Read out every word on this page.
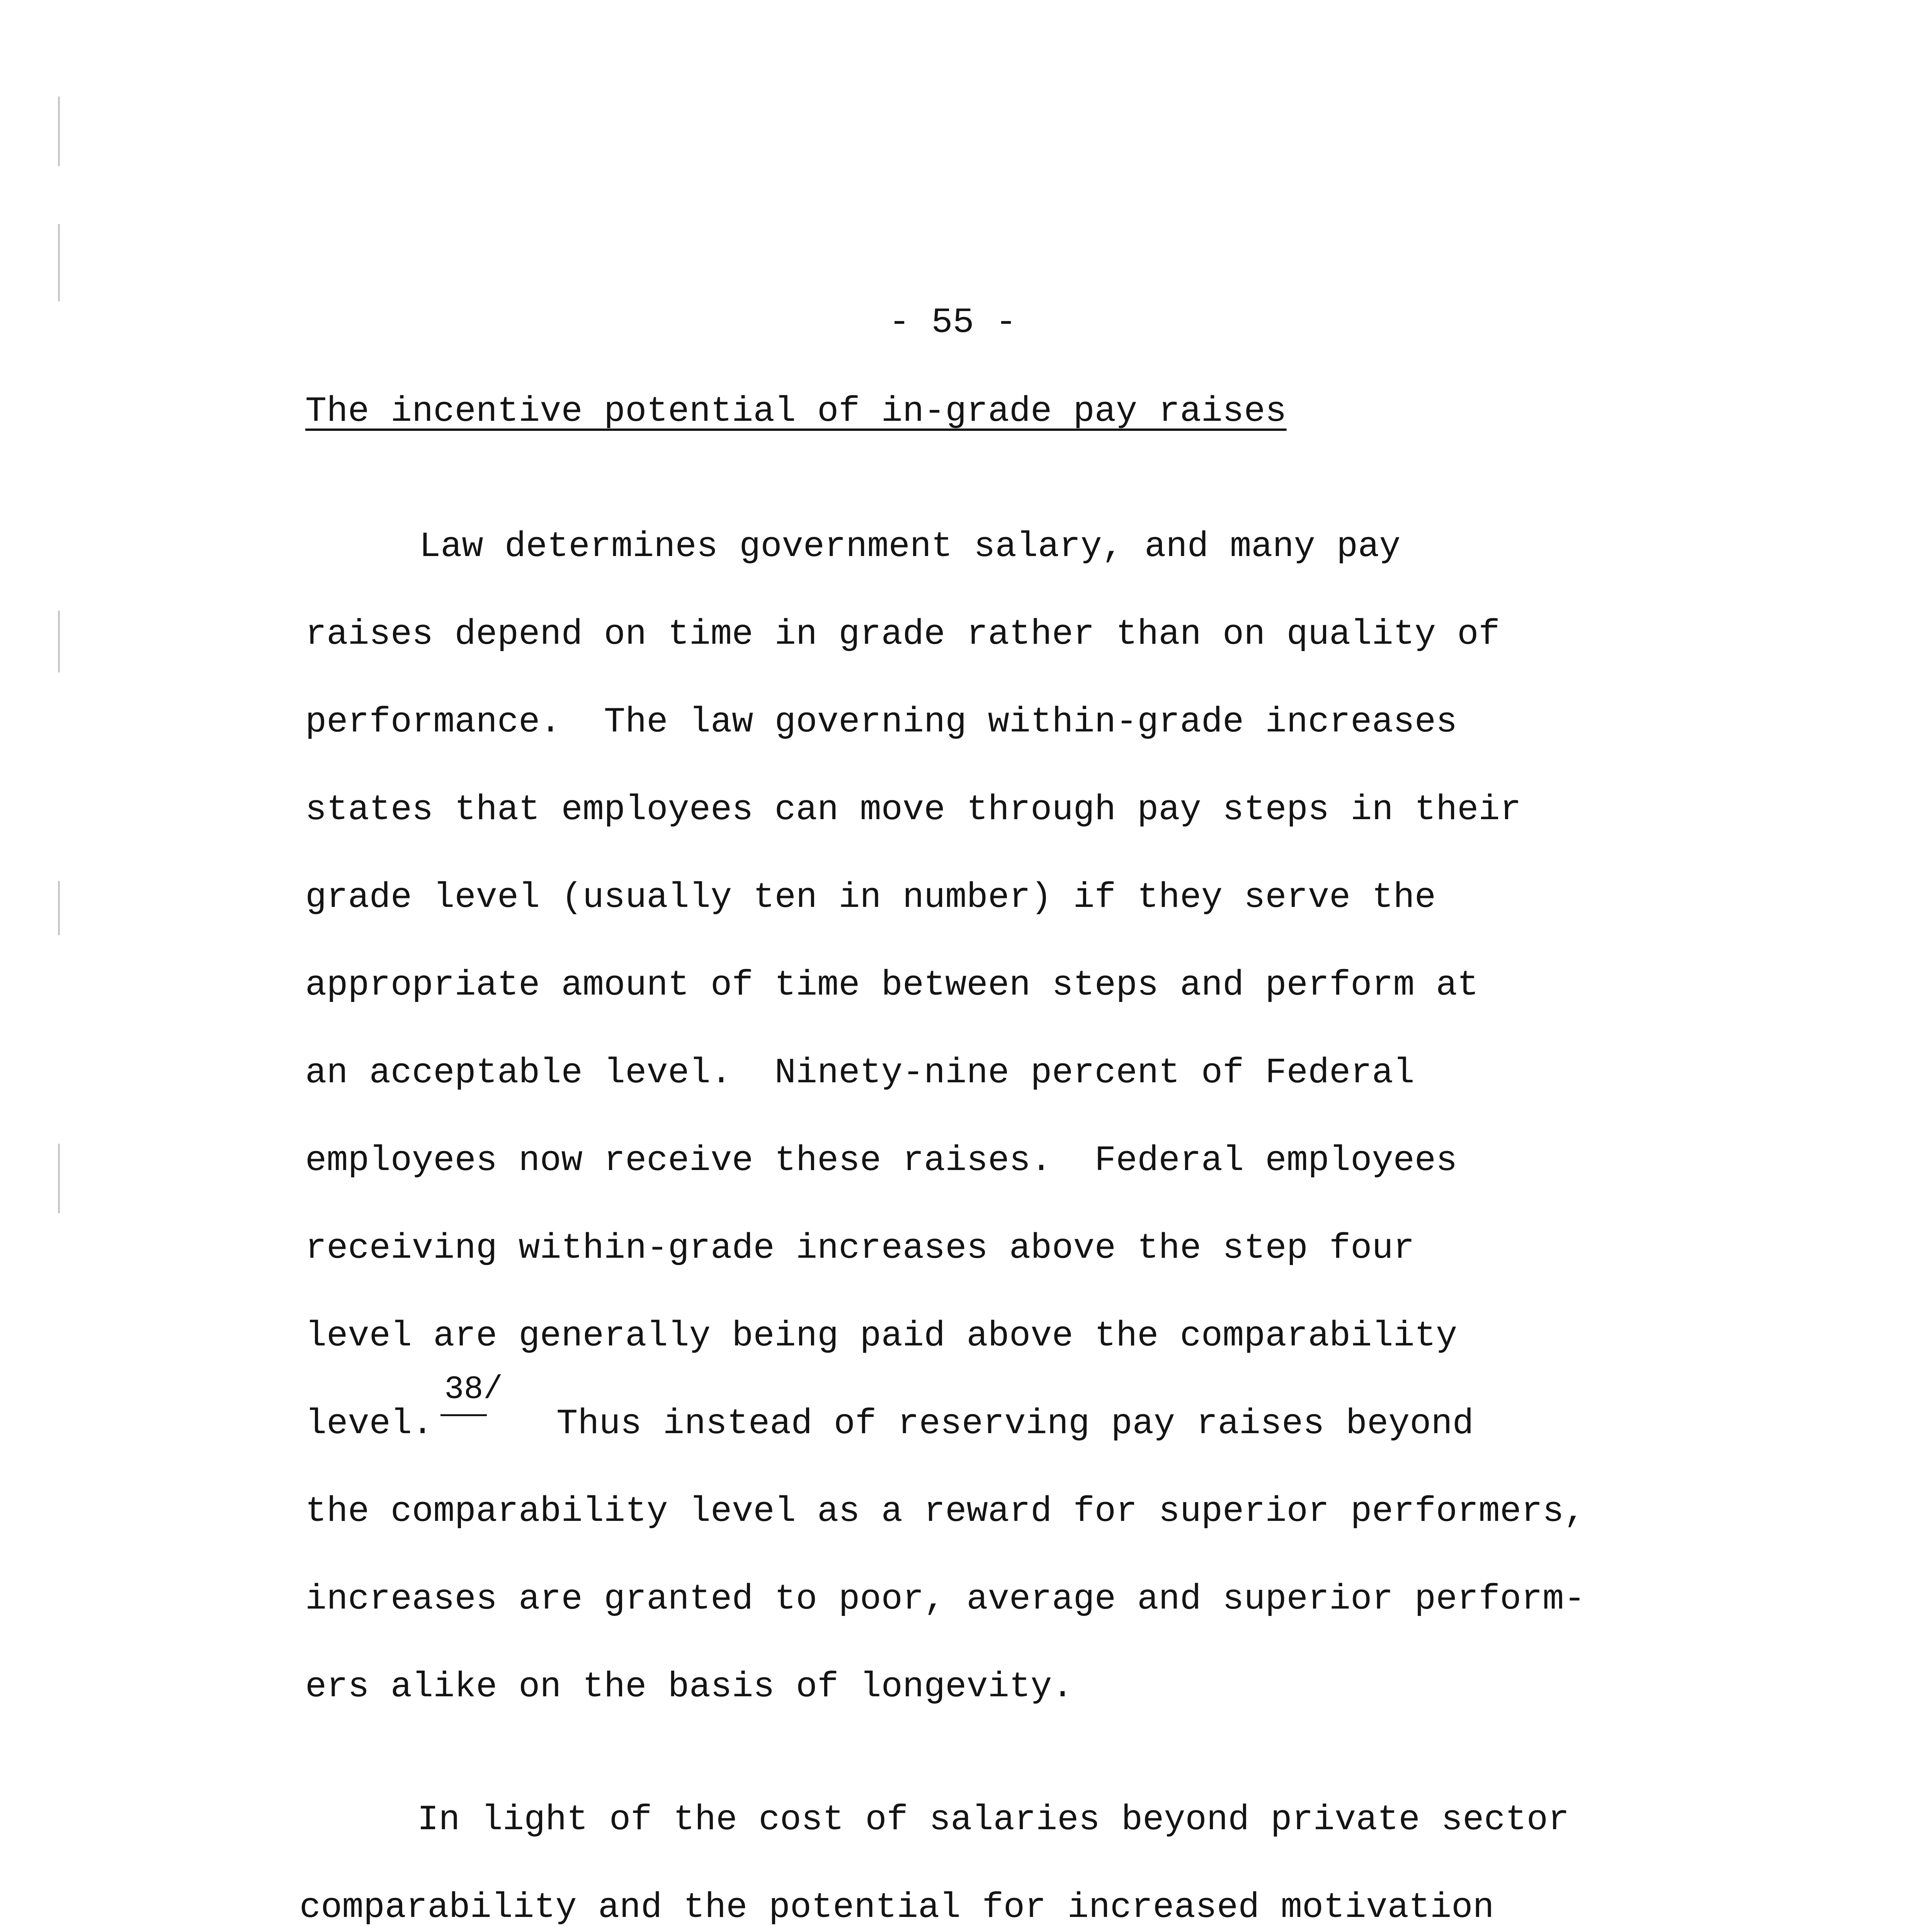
- 55 -
The incentive potential of in-grade pay raises
Law determines government salary, and many pay
raises depend on time in grade rather than on quality of
performance.  The law governing within-grade increases
states that employees can move through pay steps in their
grade level (usually ten in number) if they serve the
appropriate amount of time between steps and perform at
an acceptable level.  Ninety-nine percent of Federal
employees now receive these raises.  Federal employees
receiving within-grade increases above the step four
level are generally being paid above the comparability
level.
38/
Thus instead of reserving pay raises beyond
the comparability level as a reward for superior performers,
increases are granted to poor, average and superior perform-
ers alike on the basis of longevity.
In light of the cost of salaries beyond private sector
comparability and the potential for increased motivation
